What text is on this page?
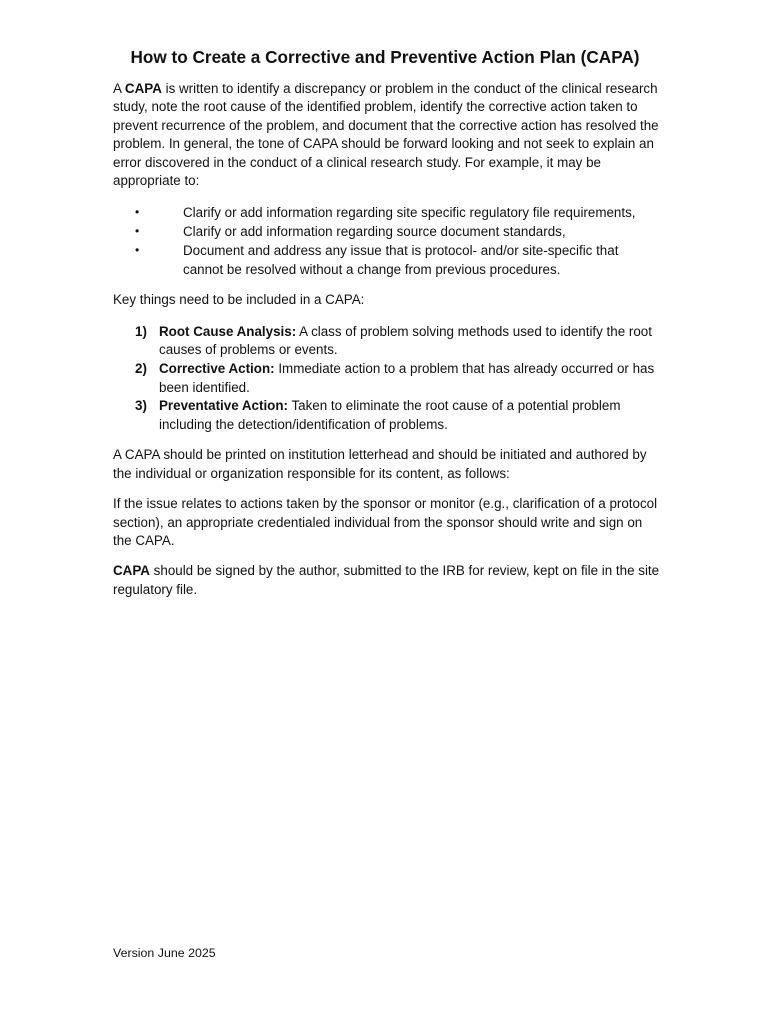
How to Create a Corrective and Preventive Action Plan (CAPA)

A CAPA is written to identify a discrepancy or problem in the conduct of the clinical research study, note the root cause of the identified problem, identify the corrective action taken to prevent recurrence of the problem, and document that the corrective action has resolved the problem. In general, the tone of CAPA should be forward looking and not seek to explain an error discovered in the conduct of a clinical research study. For example, it may be appropriate to:

•	Clarify or add information regarding site specific regulatory file requirements,
•	Clarify or add information regarding source document standards,
•	Document and address any issue that is protocol- and/or site-specific that cannot be resolved without a change from previous procedures.

Key things need to be included in a CAPA:

1) Root Cause Analysis: A class of problem solving methods used to identify the root causes of problems or events.
2) Corrective Action: Immediate action to a problem that has already occurred or has been identified.
3) Preventative Action: Taken to eliminate the root cause of a potential problem including the detection/identification of problems.

A CAPA should be printed on institution letterhead and should be initiated and authored by the individual or organization responsible for its content, as follows:

If the issue relates to actions taken by the sponsor or monitor (e.g., clarification of a protocol section), an appropriate credentialed individual from the sponsor should write and sign on the CAPA.

CAPA should be signed by the author, submitted to the IRB for review, kept on file in the site regulatory file.

Version June 2025
